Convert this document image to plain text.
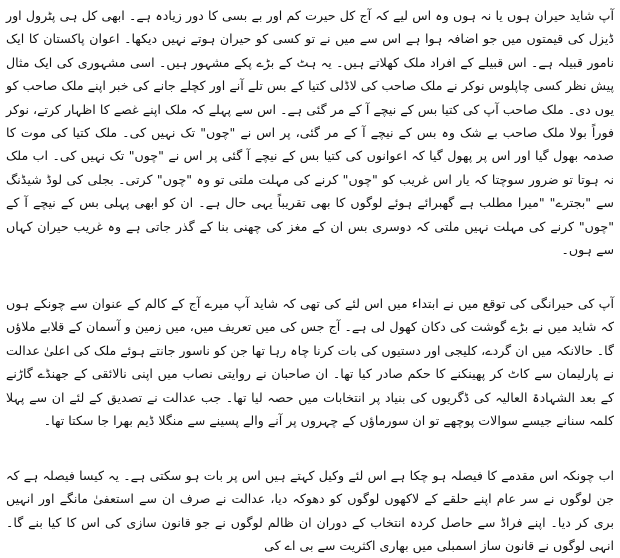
آپ شاید حیران ہوں یا نہ ہوں وہ اس لیے کہ آج کل حیرت کم اور بے بسی کا دور زیادہ ہے۔ ابھی کل ہی پٹرول اور ڈیزل کی قیمتوں میں جو اضافہ ہوا ہے اس سے میں نے تو کسی کو حیران ہوتے نہیں دیکھا۔ اعوان پاکستان کا ایک نامور قبیلہ ہے۔ اس قبیلے کے افراد ملک کھلاتے ہیں۔ یہ ہٹ کے بڑے پکے مشہور ہیں۔ اسی مشہوری کی ایک مثال پیش نظر کسی چاپلوس نوکر نے ملک صاحب کی لاڈلی کتیا کے بس تلے آنے اور کچلے جانے کی خبر اپنے ملک صاحب کو یوں دی۔ ملک صاحب آپ کی کتیا بس کے نیچے آ کے مر گئی ہے۔ اس سے پہلے کہ ملک اپنے غصے کا اظہار کرتے، نوکر فوراً بولا ملک صاحب بے شک وہ بس کے نیچے آ کے مر گئی، پر اس نے "چوں" تک نہیں کی۔ ملک کتیا کی موت کا صدمہ بھول گیا اور اس پر پھول گیا کہ اعوانوں کی کتیا بس کے نیچے آ گئی پر اس نے "چوں" تک نہیں کی۔ اب ملک نہ ہوتا تو ضرور سوچتا کہ یار اس غریب کو "چوں" کرنے کی مہلت ملتی تو وہ "چوں" کرتی۔ بجلی کی لوڈ شیڈنگ سے "بجترے" "میرا مطلب ہے گھبرائے ہوئے لوگوں کا بھی تقریباً یہی حال ہے۔ ان کو ابھی پہلی بس کے نیچے آ کے "چوں" کرنے کی مہلت نہیں ملتی کہ دوسری بس ان کے مغز کی چھنی بنا کے گذر جاتی ہے وہ غریب حیران کہاں سے ہوں۔

آپ کی حیرانگی کی توقع میں نے ابتداء میں اس لئے کی تھی کہ شاید آپ میرے آج کے کالم کے عنوان سے چونکے ہوں کہ شاید میں نے بڑے گوشت کی دکان کھول لی ہے۔ آج جس کی میں تعریف میں، میں زمین و آسمان کے قلابے ملاؤں گا۔ حالانکہ میں ان گردے، کلیجی اور دستیوں کی بات کرنا چاہ رہا تھا جن کو ناسور جانتے ہوئے ملک کی اعلیٰ عدالت نے پارلیمان سے کاٹ کر پھینکنے کا حکم صادر کیا تھا۔ ان صاحبان نے روایتی نصاب میں اپنی نالائقی کے جھنڈے گاڑنے کے بعد الشہادۃ العالیہ کی ڈگریوں کی بنیاد پر انتخابات میں حصہ لیا تھا۔ جب عدالت نے تصدیق کے لئے ان سے پہلا کلمہ سنانے جیسے سوالات پوچھے تو ان سورماؤں کے چہروں پر آنے والے پسینے سے منگلا ڈیم بھرا جا سکتا تھا۔

اب چونکہ اس مقدمے کا فیصلہ ہو چکا ہے اس لئے وکیل کہتے ہیں اس پر بات ہو سکتی ہے۔ یہ کیسا فیصلہ ہے کہ جن لوگوں نے سر عام اپنے حلقے کے لاکھوں لوگوں کو دھوکہ دیا، عدالت نے صرف ان سے استعفیٰ مانگے اور انہیں بری کر دیا۔ اپنے فراڈ سے حاصل کردہ انتخاب کے دوران ان ظالم لوگوں نے جو قانون سازی کی اس کا کیا بنے گا۔ انہی لوگوں نے قانون ساز اسمبلی میں بھاری اکثریت سے بی اے کی
